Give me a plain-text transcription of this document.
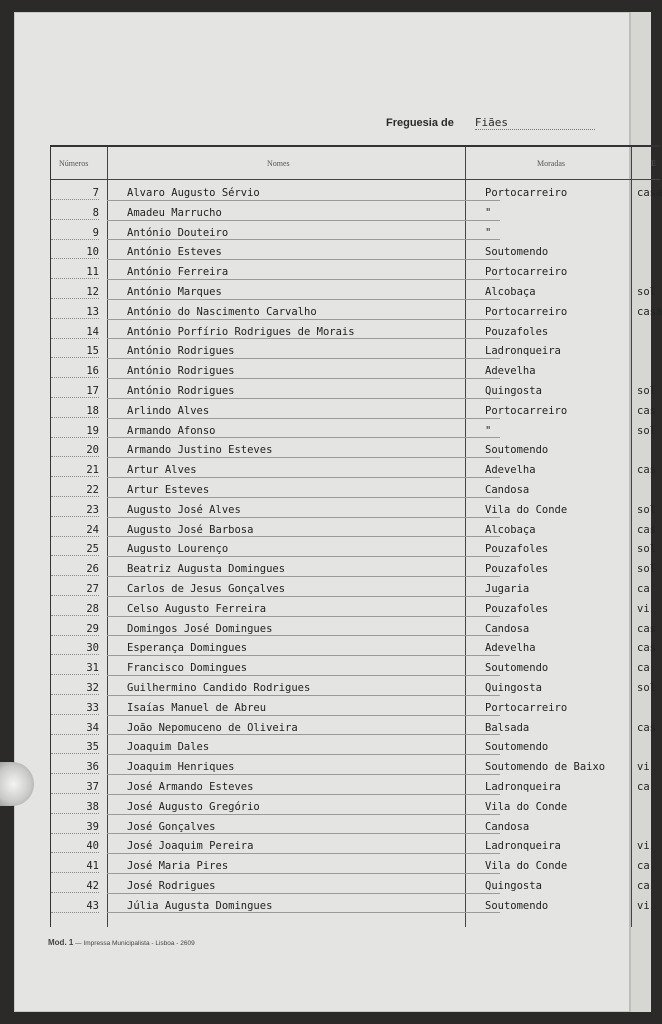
Freguesia de Fiães
Números	Nomes	Moradas	E
7	Alvaro Augusto Sérvio	Portocarreiro	casa
8	Amadeu Marrucho	"
9	António Douteiro	"
10	António Esteves	Soutomendo
11	António Ferreira	Portocarreiro
12	António Marques	Alcobaça	sol
13	António do Nascimento Carvalho	Portocarreiro	casa
14	António Porfírio Rodrigues de Morais	Pouzafoles
15	António Rodrigues	Ladronqueira
16	António Rodrigues	Adevelha
17	António Rodrigues	Quingosta	sol
18	Arlindo Alves	Portocarreiro	cas
19	Armando Afonso	"	sol
20	Armando Justino Esteves	Soutomendo
21	Artur Alves	Adevelha	cas
22	Artur Esteves	Candosa
23	Augusto José Alves	Vila do Conde	sol
24	Augusto José Barbosa	Alcobaça	cas
25	Augusto Lourenço	Pouzafoles	sol
26	Beatriz Augusta Domingues	Pouzafoles	sol
27	Carlos de Jesus Gonçalves	Jugaria	ca
28	Celso Augusto Ferreira	Pouzafoles	vi
29	Domingos José Domingues	Candosa	cas
30	Esperança Domingues	Adevelha	cas
31	Francisco Domingues	Soutomendo	ca
32	Guilhermino Candido Rodrigues	Quingosta	sol
33	Isaías Manuel de Abreu	Portocarreiro
34	João Nepomuceno de Oliveira	Balsada	cas
35	Joaquim Dales	Soutomendo
36	Joaquim Henriques	Soutomendo de Baixo	vi
37	José Armando Esteves	Ladronqueira	ca
38	José Augusto Gregório	Vila do Conde
39	José Gonçalves	Candosa
40	José Joaquim Pereira	Ladronqueira	vi
41	José Maria Pires	Vila do Conde	ca
42	José Rodrigues	Quingosta	ca
43	Júlia Augusta Domingues	Soutomendo	vi
Mod. 1 — Impressa Municipalista - Lisboa - 2609
